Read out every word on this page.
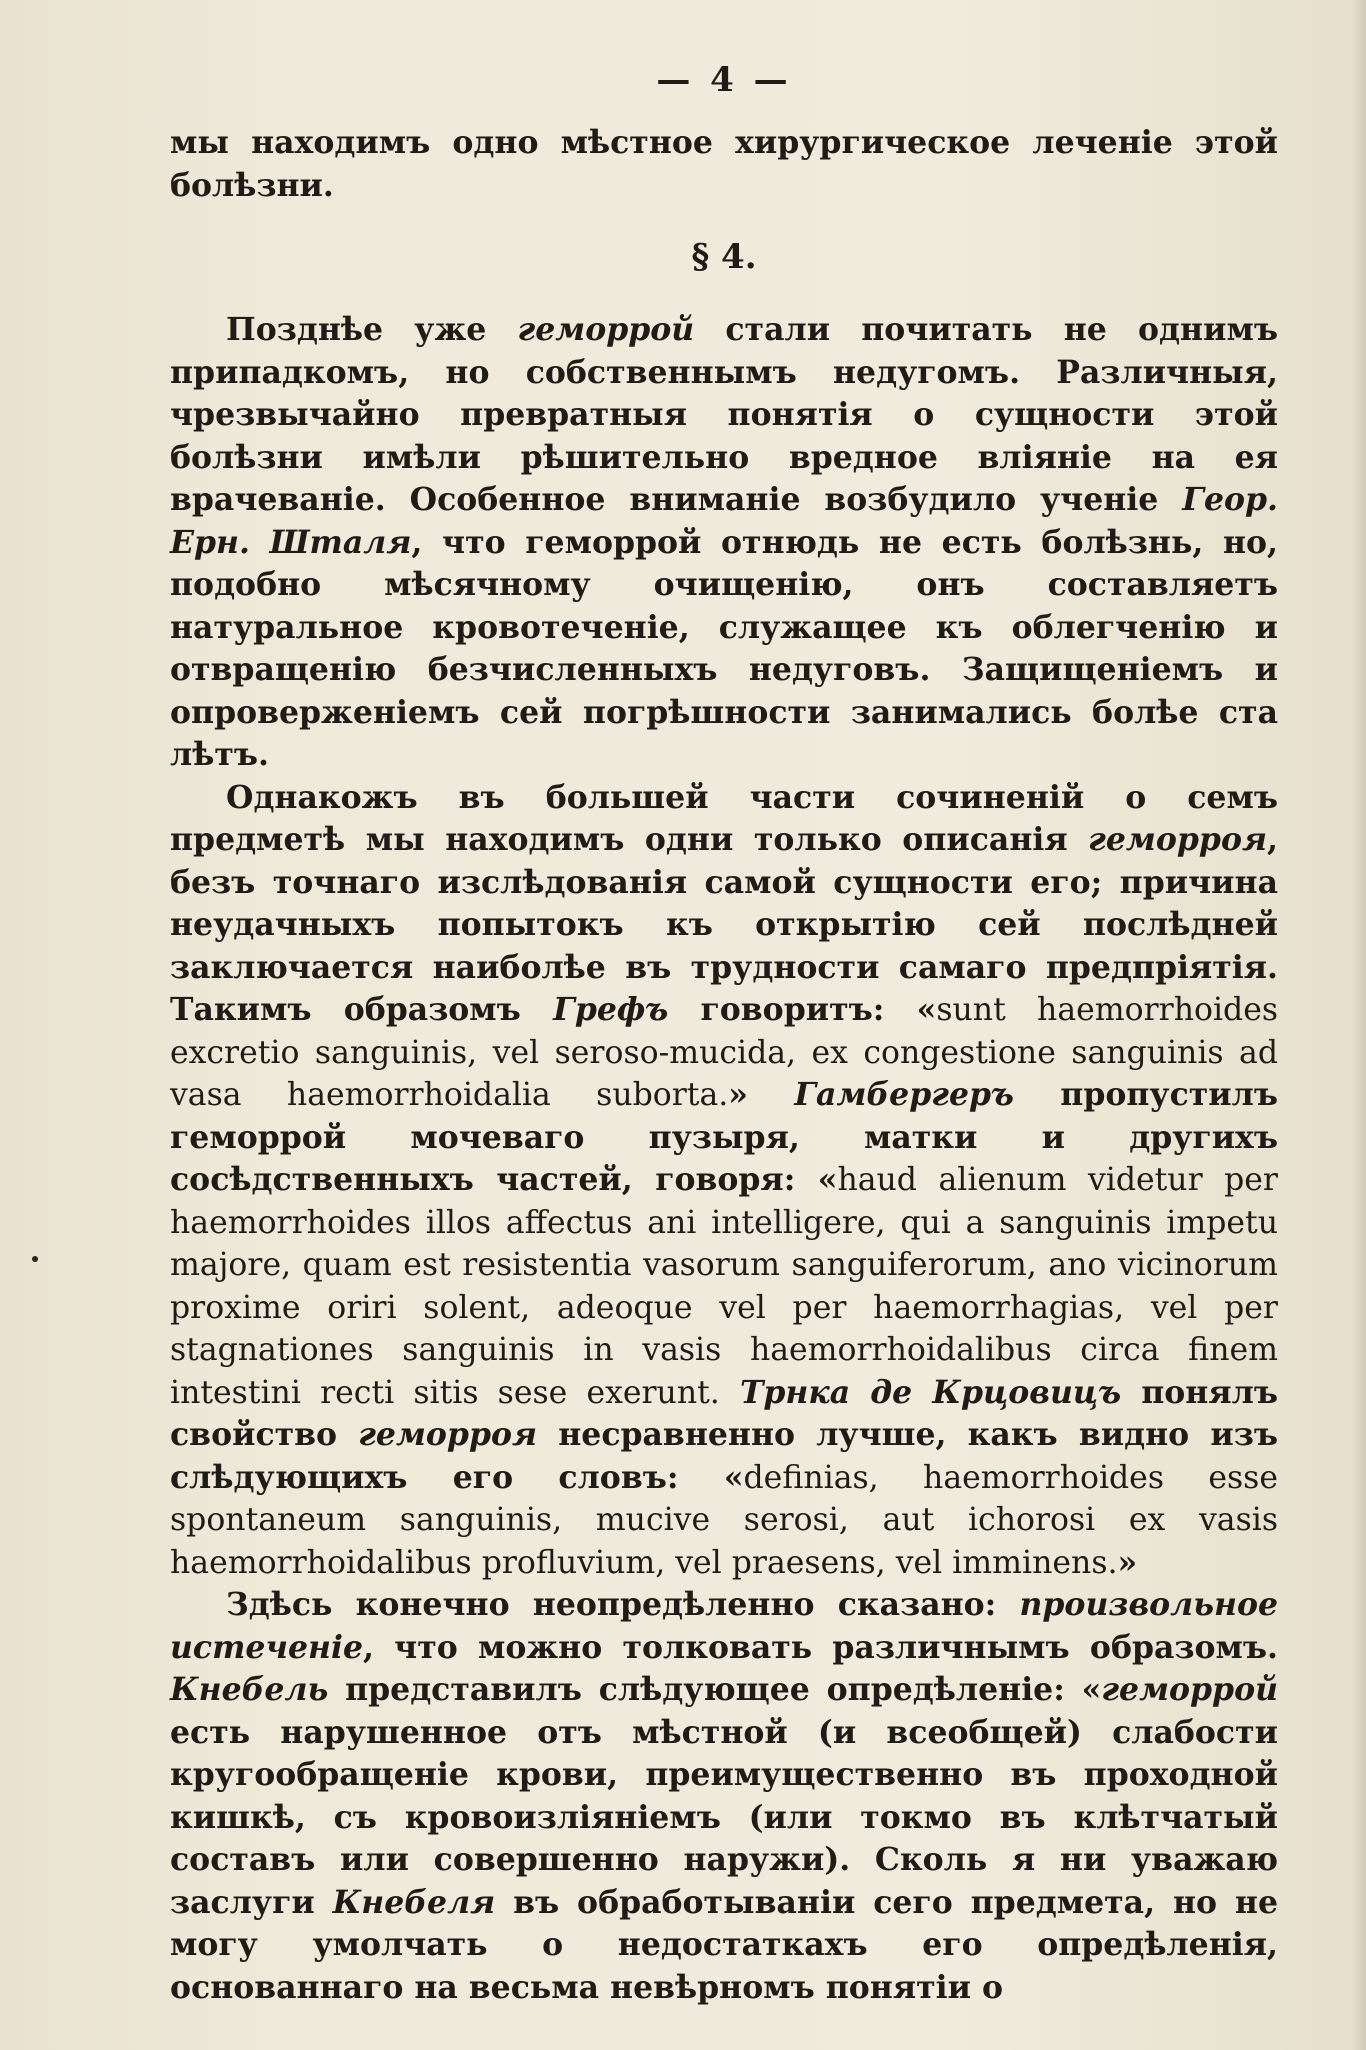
— 4 —

мы находимъ одно мѣстное хирургическое леченіе этой болѣзни.

§ 4.

Позднѣе уже геморрой стали почитать не однимъ припадкомъ, но собственнымъ недугомъ. Различныя, чрезвычайно превратныя понятія о сущности этой болѣзни имѣли рѣшительно вредное вліяніе на ея врачеваніе. Особенное вниманіе возбудило ученіе Геор. Ерн. Шталя, что геморрой отнюдь не есть болѣзнь, но, подобно мѣсячному очищенію, онъ составляетъ натуральное кровотеченіе, служащее къ облегченію и отвращенію безчисленныхъ недуговъ. Защищеніемъ и опроверженіемъ сей погрѣшности занимались болѣе ста лѣтъ.

Однакожъ въ большей части сочиненій о семъ предметѣ мы находимъ одни только описанія геморроя, безъ точнаго изслѣдованія самой сущности его; причина неудачныхъ попытокъ къ открытію сей послѣдней заключается наиболѣе въ трудности самаго предпріятія. Такимъ образомъ Грефъ говоритъ: «sunt haemorrhoides excretio sanguinis, vel seroso-mucida, ex congestione sanguinis ad vasa haemorrhoidalia suborta.» Гамбергеръ пропустилъ геморрой мочеваго пузыря, матки и другихъ сосѣдственныхъ частей, говоря: «haud alienum videtur per haemorrhoides illos affectus ani intelligere, qui a sanguinis impetu majore, quam est resistentia vasorum sanguiferorum, ano vicinorum proxime oriri solent, adeoque vel per haemorrhagias, vel per stagnationes sanguinis in vasis haemorrhoidalibus circa finem intestini recti sitis sese exerunt. Трнка де Крцовицъ понялъ свойство геморроя несравненно лучше, какъ видно изъ слѣдующихъ его словъ: «definias, haemorrhoides esse spontaneum sanguinis, mucive serosi, aut ichorosi ex vasis haemorrhoidalibus profluvium, vel praesens, vel imminens.»

Здѣсь конечно неопредѣленно сказано: произвольное истеченіе, что можно толковать различнымъ образомъ. Кнебель представилъ слѣдующее опредѣленіе: «геморрой есть нарушенное отъ мѣстной (и всеобщей) слабости кругообращеніе крови, преимущественно въ проходной кишкѣ, съ кровоизліяніемъ (или токмо въ клѣтчатый составъ или совершенно наружи). Сколь я ни уважаю заслуги Кнебеля въ обработываніи сего предмета, но не могу умолчать о недостаткахъ его опредѣленія, основаннаго на весьма невѣрномъ понятіи о
